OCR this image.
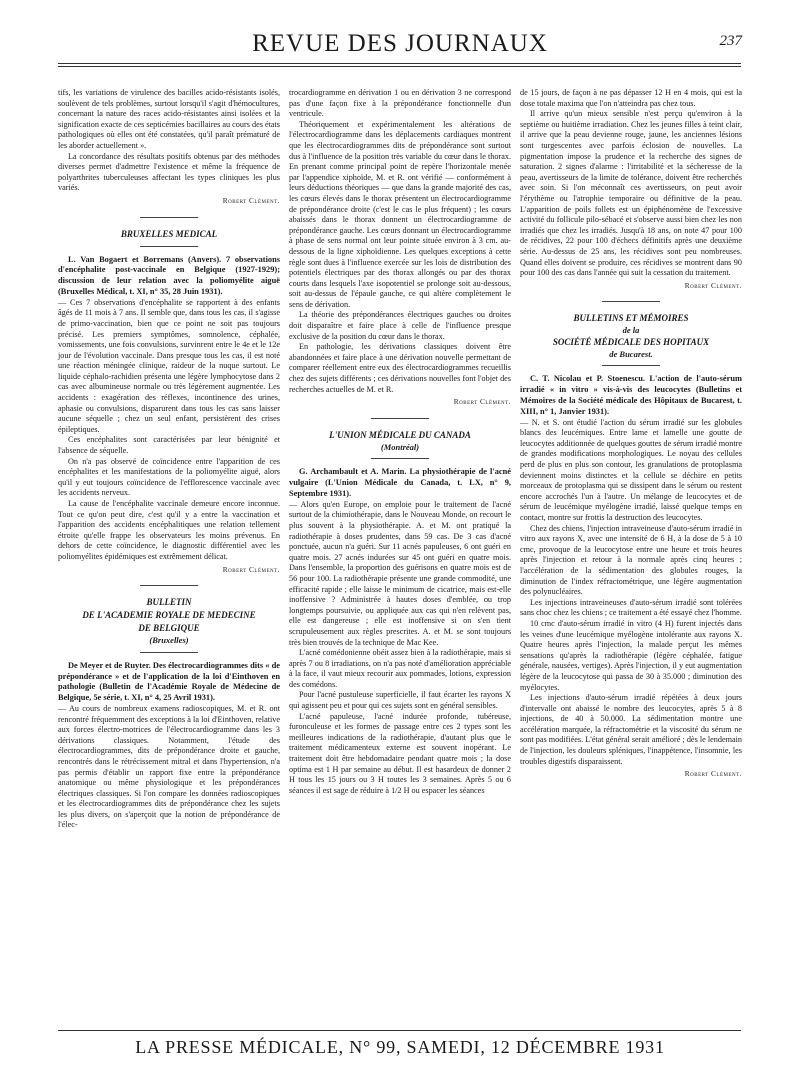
REVUE DES JOURNAUX	237

tifs, les variations de virulence des bacilles acido-résistants isolés, soulèvent de tels problèmes, surtout lorsqu'il s'agit d'hémocultures, concernant la nature des races acido-résistantes ainsi isolées et la signification exacte de ces septicémies bacillaires au cours des états pathologiques où elles ont été constatées, qu'il paraît prématuré de les aborder actuellement ».

La concordance des résultats positifs obtenus par des méthodes diverses permet d'admettre l'existence et même la fréquence de polyarthrites tuberculeuses affectant les types cliniques les plus variés.

Robert Clément.
BRUXELLES MEDICAL

L. Van Bogaert et Borremans (Anvers). 7 observations d'encéphalite post-vaccinale en Belgique (1927-1929); discussion de leur relation avec la poliomyélite aiguë (Bruxelles Médical, t. XI, n° 35, 28 Juin 1931).

— Ces 7 observations d'encéphalite se rapportent à des enfants âgés de 11 mois à 7 ans. Il semble que, dans tous les cas, il s'agisse de primo-vaccination, bien que ce point ne soit pas toujours précisé. Les premiers symptômes, somnolence, céphalée, vomissements, une fois convulsions, survinrent entre le 4e et le 12e jour de l'évolution vaccinale. Dans presque tous les cas, il est noté une réaction méningée clinique, raideur de la nuque surtout. Le liquide céphalo-rachidien présenta une légère lymphocytose dans 2 cas avec albumineuse normale ou très légèrement augmentée. Les accidents : exagération des réflexes, incontinence des urines, aphasie ou convulsions, disparurent dans tous les cas sans laisser aucune séquelle ; chez un seul enfant, persistèrent des crises épileptiques.

Ces encéphalites sont caractérisées par leur bénignité et l'absence de séquelle.

On n'a pas observé de coïncidence entre l'apparition de ces encéphalites et les manifestations de la poliomyélite aiguë, alors qu'il y eut toujours coïncidence de l'efflorescence vaccinale avec les accidents nerveux.

La cause de l'encéphalite vaccinale demeure encore inconnue. Tout ce qu'on peut dire, c'est qu'il y a entre la vaccination et l'apparition des accidents encéphalitiques une relation tellement étroite qu'elle frappe les observateurs les moins prévenus. En dehors de cette coïncidence, le diagnostic différentiel avec les poliomyélites épidémiques est extrêmement délicat.

Robert Clément.
BULLETIN
DE L'ACADEMIE ROYALE DE MEDECINE
DE BELGIQUE
(Bruxelles)

De Meyer et de Ruyter. Des électrocardiogrammes dits « de prépondérance » et de l'application de la loi d'Einthoven en pathologie (Bulletin de l'Académie Royale de Médecine de Belgique, 5e série, t. XI, n° 4, 25 Avril 1931).

— Au cours de nombreux examens radioscopiques, M. et R. ont rencontré fréquemment des exceptions à la loi d'Einthoven, relative aux forces électro-motrices de l'électrocardiogramme dans les 3 dérivations classiques. Notamment, l'étude des électrocardiogrammes, dits de prépondérance droite et gauche, rencontrés dans le rétrécissement mitral et dans l'hypertension, n'a pas permis d'établir un rapport fixe entre la prépondérance anatomique ou même physiologique et les prépondérances électriques classiques. Si l'on compare les données radioscopiques et les électrocardiogrammes dits de prépondérance chez les sujets les plus divers, on s'aperçoit que la notion de prépondérance de l'élec-

trocardiogramme en dérivation 1 ou en dérivation 3 ne correspond pas d'une façon fixe à la prépondérance fonctionnelle d'un ventricule.

Théoriquement et expérimentalement les altérations de l'électrocardiogramme dans les déplacements cardiaques montrent que les électrocardiogrammes dits de prépondérance sont surtout dus à l'influence de la position très variable du cœur dans le thorax. En prenant comme principal point de repère l'horizontale menée par l'appendice xiphoïde, M. et R. ont vérifié — conformément à leurs déductions théoriques — que dans la grande majorité des cas, les cœurs élevés dans le thorax présentent un électrocardiogramme de prépondérance droite (c'est le cas le plus fréquent) ; les cœurs abaissés dans le thorax donnent un électrocardiogramme de prépondérance gauche. Les cœurs donnant un électrocardiogramme à phase de sens normal ont leur pointe située environ à 3 cm. au-dessous de la ligne xiphoïdienne. Les quelques exceptions à cette règle sont dues à l'influence exercée sur les lois de distribution des potentiels électriques par des thorax allongés ou par des thorax courts dans lesquels l'axe isopotentiel se prolonge soit au-dessous, soit au-dessus de l'épaule gauche, ce qui altère complètement le sens de dérivation.

La théorie des prépondérances électriques gauches ou droites doit disparaître et faire place à celle de l'influence presque exclusive de la position du cœur dans le thorax.

En pathologie, les dérivations classiques doivent être abandonnées et faire place à une dérivation nouvelle permettant de comparer réellement entre eux des électrocardiogrammes recueillis chez des sujets différents ; ces dérivations nouvelles font l'objet des recherches actuelles de M. et R.

Robert Clément.
L'UNION MÉDICALE DU CANADA
(Montréal)

G. Archambault et A. Marin. La physiothérapie de l'acné vulgaire (L'Union Médicale du Canada, t. LX, n° 9, Septembre 1931).

— Alors qu'en Europe, on emploie pour le traitement de l'acné surtout de la chimiothérapie, dans le Nouveau Monde, on recourt le plus souvent à la physiothérapie. A. et M. ont pratiqué la radiothérapie à doses prudentes, dans 59 cas. De 3 cas d'acné ponctuée, aucun n'a guéri. Sur 11 acnés papuleuses, 6 ont guéri en quatre mois. 27 acnés indurées sur 45 ont guéri en quatre mois. Dans l'ensemble, la proportion des guérisons en quatre mois est de 56 pour 100. La radiothérapie présente une grande commodité, une efficacité rapide ; elle laisse le minimum de cicatrice, mais est-elle inoffensive ? Administrée à hautes doses d'emblée, ou trop longtemps poursuivie, ou appliquée aux cas qui n'en relèvent pas, elle est dangereuse ; elle est inoffensive si on s'en tient scrupuleusement aux règles prescrites. A. et M. se sont toujours très bien trouvés de la technique de Mac Kee.

L'acné comédonienne obéit assez bien à la radiothérapie, mais si après 7 ou 8 irradiations, on n'a pas noté d'amélioration appréciable à la face, il vaut mieux recourir aux pommades, lotions, expression des comédons.

Pour l'acné pustuleuse superficielle, il faut écarter les rayons X qui agissent peu et pour qui ces sujets sont en général sensibles.

L'acné papuleuse, l'acné indurée profonde, tubéreuse, furonculeuse et les formes de passage entre ces 2 types sont les meilleures indications de la radiothérapie, d'autant plus que le traitement médicamenteux externe est souvent inopérant. Le traitement doit être hebdomadaire pendant quatre mois ; la dose optima est 1 H par semaine au début. Il est hasardeux de donner 2 H tous les 15 jours ou 3 H toutes les 3 semaines. Après 5 ou 6 séances il est sage de réduire à 1/2 H ou espacer les séances

de 15 jours, de façon à ne pas dépasser 12 H en 4 mois, qui est la dose totale maxima que l'on n'atteindra pas chez tous.

Il arrive qu'un mieux sensible n'est perçu qu'environ à la septième ou huitième irradiation. Chez les jeunes filles à teint clair, il arrive que la peau devienne rouge, jaune, les anciennes lésions sont turgescentes avec parfois éclosion de nouvelles. La pigmentation impose la prudence et la recherche des signes de saturation. 2 signes d'alarme : l'irritabilité et la sécheresse de la peau, avertisseurs de la limite de tolérance, doivent être recherchés avec soin. Si l'on méconnaît ces avertisseurs, on peut avoir l'érythème ou l'atrophie temporaire ou définitive de la peau. L'apparition de poils follets est un épiphénomène de l'excessive activité du follicule pilo-sébacé et s'observe aussi bien chez les non irradiés que chez les irradiés. Jusqu'à 18 ans, on note 47 pour 100 de récidives, 22 pour 100 d'échecs définitifs après une deuxième série. Au-dessus de 25 ans, les récidives sont peu nombreuses. Quand elles doivent se produire, ces récidives se montrent dans 90 pour 100 des cas dans l'année qui suit la cessation du traitement.

Robert Clément.
BULLETINS ET MÉMOIRES
de la
SOCIÉTÉ MÉDICALE DES HOPITAUX
de Bucarest.

C. T. Nicolau et P. Stoenescu. L'action de l'auto-sérum irradié « in vitro » vis-à-vis des leucocytes (Bulletins et Mémoires de la Société médicale des Hôpitaux de Bucarest, t. XIII, n° 1, Janvier 1931).

— N. et S. ont étudié l'action du sérum irradié sur les globules blancs des leucémiques. Entre lame et lamelle une goutte de leucocytes additionnée de quelques gouttes de sérum irradié montre de grandes modifications morphologiques. Le noyau des cellules perd de plus en plus son contour, les granulations de protoplasma deviennent moins distinctes et la cellule se déchire en petits morceaux de protoplasma qui se dissipent dans le sérum ou restent encore accrochés l'un à l'autre. Un mélange de leucocytes et de sérum de leucémique myélogène irradié, laissé quelque temps en contact, montre sur frottis la destruction des leucocytes.

Chez des chiens, l'injection intraveineuse d'auto-sérum irradié in vitro aux rayons X, avec une intensité de 6 H, à la dose de 5 à 10 cmc, provoque de la leucocytose entre une heure et trois heures après l'injection et retour à la normale après cinq heures ; l'accélération de la sédimentation des globules rouges, la diminution de l'index réfractométrique, une légère augmentation des polynucléaires.

Les injections intraveineuses d'auto-sérum irradié sont tolérées sans choc chez les chiens ; ce traitement a été essayé chez l'homme.

10 cmc d'auto-sérum irradié in vitro (4 H) furent injectés dans les veines d'une leucémique myélogène intolérante aux rayons X. Quatre heures après l'injection, la malade perçut les mêmes sensations qu'après la radiothérapie (légère céphalée, fatigue générale, nausées, vertiges). Après l'injection, il y eut augmentation légère de la leucocytose qui passa de 30 à 35.000 ; diminution des myélocytes.

Les injections d'auto-sérum irradié répétées à deux jours d'intervalle ont abaissé le nombre des leucocytes, après 5 à 8 injections, de 40 à 50.000. La sédimentation montre une accélération marquée, la réfractométrie et la viscosité du sérum ne sont pas modifiées. L'état général serait amélioré ; dès le lendemain de l'injection, les douleurs spléniques, l'inappétence, l'insomnie, les troubles digestifs disparaissent.

Robert Clément.
LA PRESSE MÉDICALE, N° 99, SAMEDI, 12 DÉCEMBRE 1931
